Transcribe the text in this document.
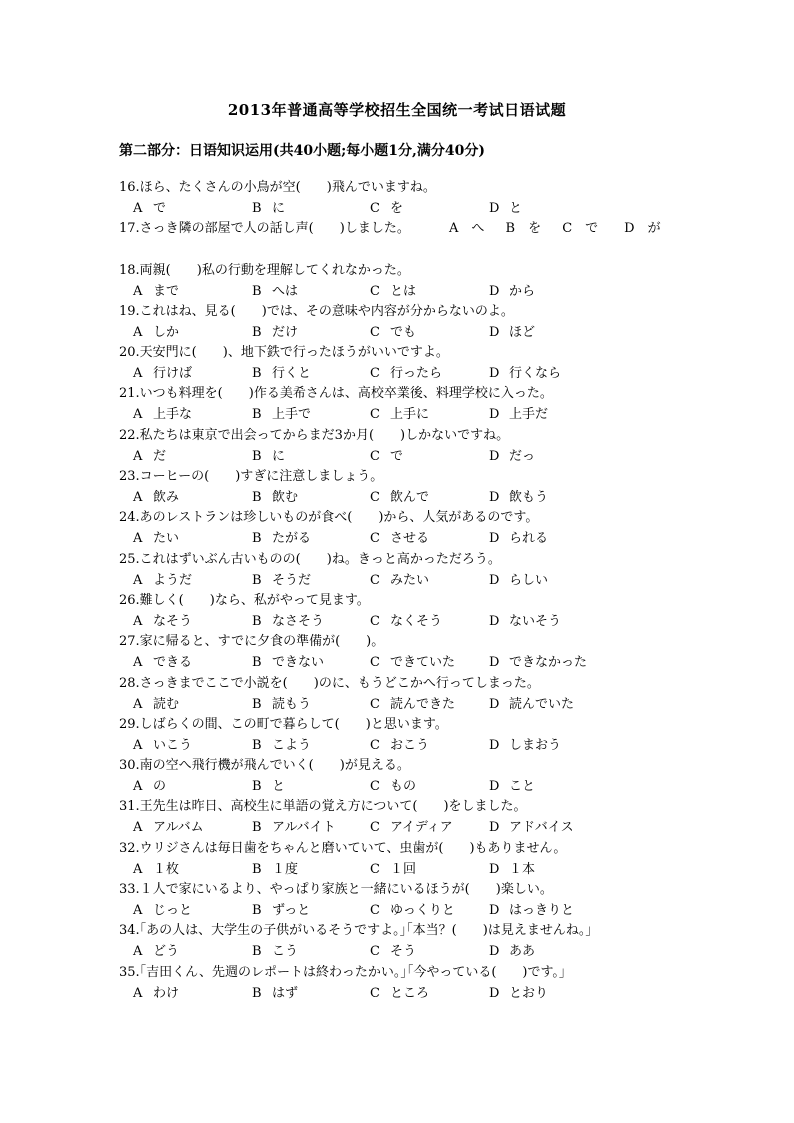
2013年普通高等学校招生全国统一考试日语试题
第二部分：日语知识运用(共40小题;每小题1分,满分40分)
16.ほら、たくさんの小鳥が空(　　)飛んでいますね。
A で	B に	C を	D と
17.さっき隣の部屋で人の話し声(　　)しました。	A　へ　 B　を　 C　で　　D　が
18.両親(　　)私の行動を理解してくれなかった。
A まで	B へは	C とは	D から
19.これはね、見る(　　)では、その意味や内容が分からないのよ。
A しか	B だけ	C でも	D ほど
20.天安門に(　　)、地下鉄で行ったほうがいいですよ。
A 行けば	B 行くと	C 行ったら	D 行くなら
21.いつも料理を(　　)作る美希さんは、高校卒業後、料理学校に入った。
A 上手な	B 上手で	C 上手に	D 上手だ
22.私たちは東京で出会ってからまだ3か月(　　)しかないですね。
A だ	B に	C で	D だっ
23.コーヒーの(　　)すぎに注意しましょう。
A 飲み	B 飲む	C 飲んで	D 飲もう
24.あのレストランは珍しいものが食べ(　　)から、人気があるのです。
A たい	B たがる	C させる	D られる
25.これはずいぶん古いものの(　　)ね。きっと高かっただろう。
A ようだ	B そうだ	C みたい	D らしい
26.難しく(　　)なら、私がやって見ます。
A なそう	B なさそう	C なくそう	D ないそう
27.家に帰ると、すでに夕食の準備が(　　)。
A できる	B できない	C できていた	D できなかった
28.さっきまでここで小説を(　　)のに、もうどこかへ行ってしまった。
A 読む	B 読もう	C 読んできた	D 読んでいた
29.しばらくの間、この町で暮らして(　　)と思います。
A いこう	B こよう	C おこう	D しまおう
30.南の空へ飛行機が飛んでいく(　　)が見える。
A の	B と	C もの	D こと
31.王先生は昨日、高校生に単語の覚え方について(　　)をしました。
A アルバム	B アルバイト	C アイディア	D アドバイス
32.ウリジさんは毎日歯をちゃんと磨いていて、虫歯が(　　)もありません。
A １枚	B １度	C １回	D １本
33.１人で家にいるより、やっぱり家族と一緒にいるほうが(　　)楽しい。
A じっと	B ずっと	C ゆっくりと	D はっきりと
34.｢あの人は、大学生の子供がいるそうですよ。｣｢本当？(　　)は見えませんね。｣
A どう	B こう	C そう	D ああ
35.｢吉田くん、先週のレポートは終わったかい。｣｢今やっている(　　)です。｣
A わけ	B はず	C ところ	D とおり
